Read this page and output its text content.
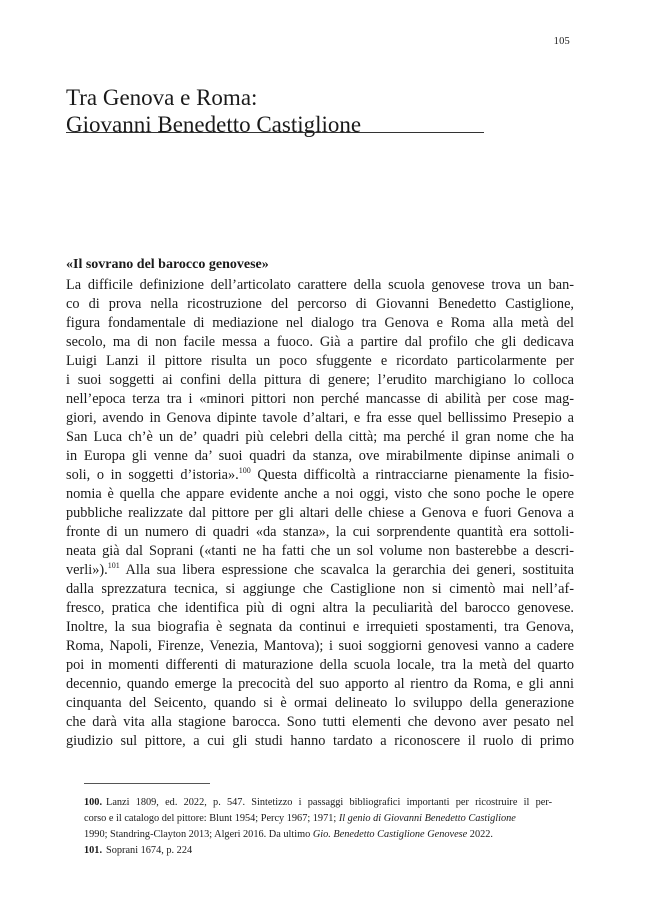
105
Tra Genova e Roma:
Giovanni Benedetto Castiglione
«Il sovrano del barocco genovese»
La difficile definizione dell’articolato carattere della scuola genovese trova un ban-
co di prova nella ricostruzione del percorso di Giovanni Benedetto Castiglione,
figura fondamentale di mediazione nel dialogo tra Genova e Roma alla metà del
secolo, ma di non facile messa a fuoco. Già a partire dal profilo che gli dedicava
Luigi Lanzi il pittore risulta un poco sfuggente e ricordato particolarmente per
i suoi soggetti ai confini della pittura di genere; l’erudito marchigiano lo colloca
nell’epoca terza tra i «minori pittori non perché mancasse di abilità per cose mag-
giori, avendo in Genova dipinte tavole d’altari, e fra esse quel bellissimo Presepio a
San Luca ch’è un de’ quadri più celebri della città; ma perché il gran nome che ha
in Europa gli venne da’ suoi quadri da stanza, ove mirabilmente dipinse animali o
soli, o in soggetti d’istoria».$^{100}$ Questa difficoltà a rintracciarne pienamente la fisio-
nomia è quella che appare evidente anche a noi oggi, visto che sono poche le opere
pubbliche realizzate dal pittore per gli altari delle chiese a Genova e fuori Genova a
fronte di un numero di quadri «da stanza», la cui sorprendente quantità era sottoli-
neata già dal Soprani («tanti ne ha fatti che un sol volume non basterebbe a descri-
verli»).$^{101}$ Alla sua libera espressione che scavalca la gerarchia dei generi, sostituita
dalla sprezzatura tecnica, si aggiunge che Castiglione non si cimentò mai nell’af-
fresco, pratica che identifica più di ogni altra la peculiarità del barocco genovese.
Inoltre, la sua biografia è segnata da continui e irrequieti spostamenti, tra Genova,
Roma, Napoli, Firenze, Venezia, Mantova); i suoi soggiorni genovesi vanno a cadere
poi in momenti differenti di maturazione della scuola locale, tra la metà del quarto
decennio, quando emerge la precocità del suo apporto al rientro da Roma, e gli anni
cinquanta del Seicento, quando si è ormai delineato lo sviluppo della generazione
che darà vita alla stagione barocca. Sono tutti elementi che devono aver pesato nel
giudizio sul pittore, a cui gli studi hanno tardato a riconoscere il ruolo di primo
100. Lanzi 1809, ed. 2022, p. 547. Sintetizzo i passaggi bibliografici importanti per ricostruire il per-
corso e il catalogo del pittore: Blunt 1954; Percy 1967; 1971; Il genio di Giovanni Benedetto Castiglione
1990; Standring-Clayton 2013; Algeri 2016. Da ultimo Gio. Benedetto Castiglione Genovese 2022.
101. Soprani 1674, p. 224
